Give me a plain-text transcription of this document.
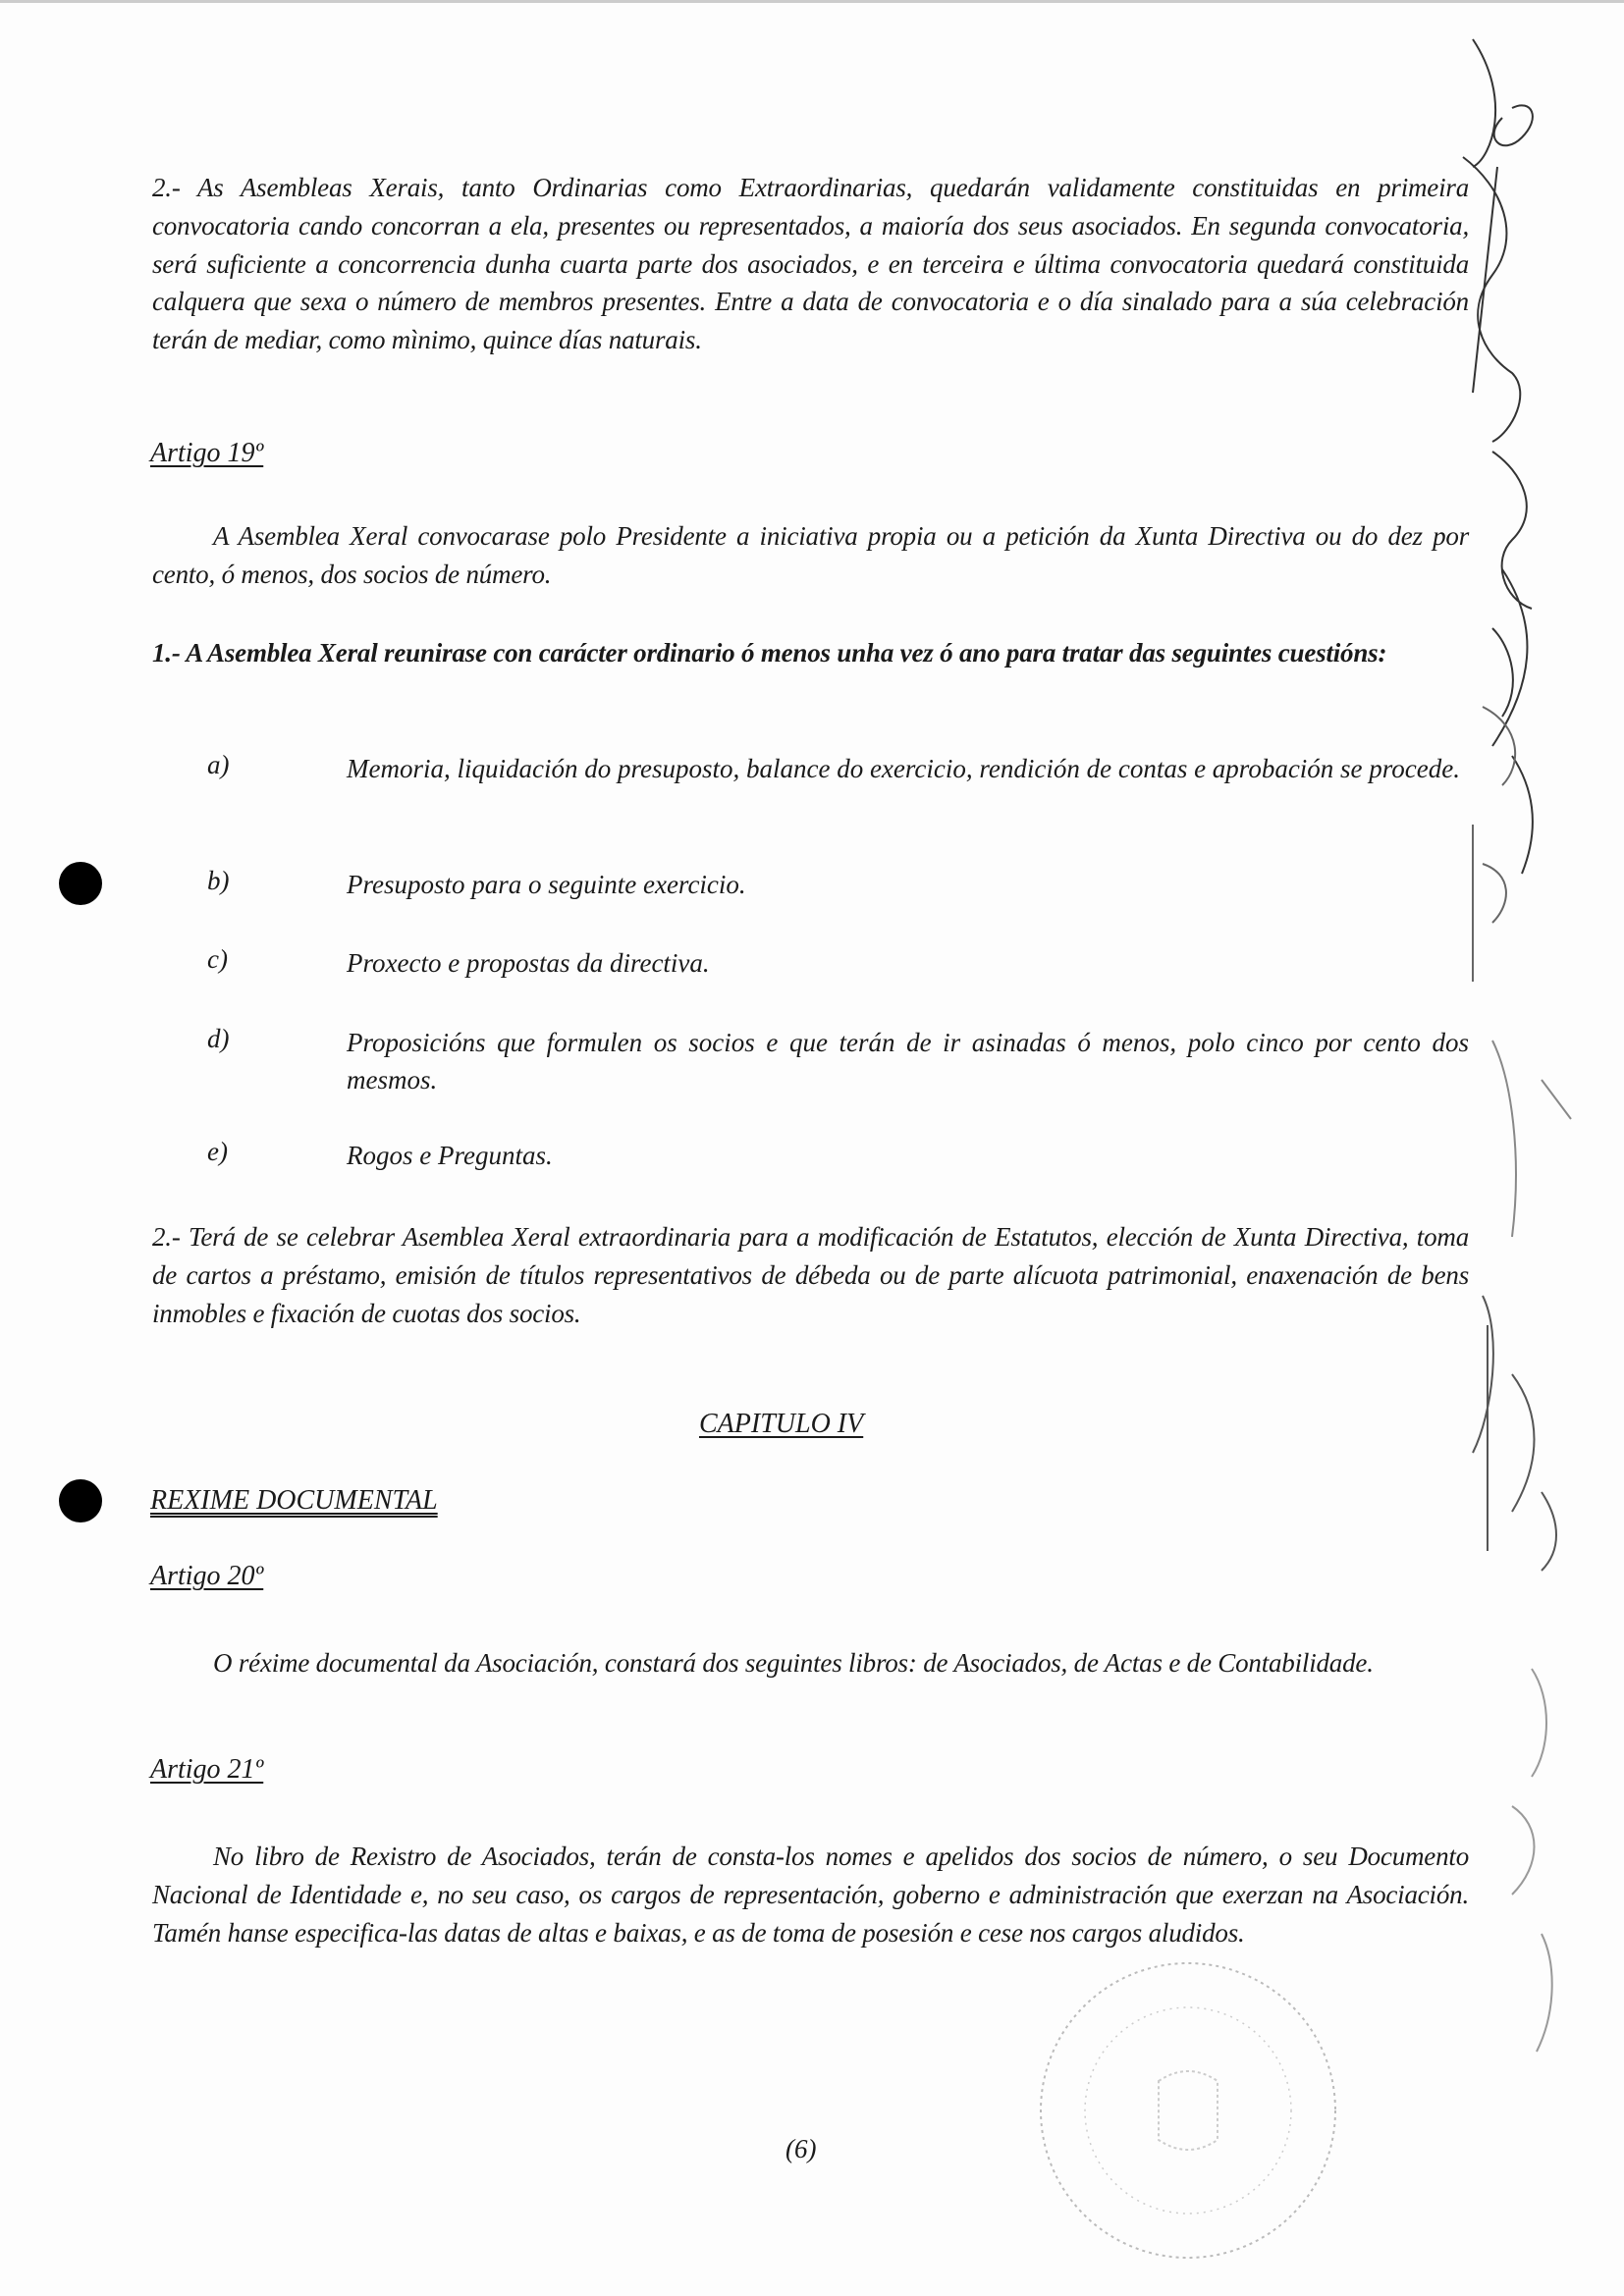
2.- As Asembleas Xerais, tanto Ordinarias como Extraordinarias, quedarán validamente constituidas en primeira convocatoria cando concorran a ela, presentes ou representados, a maioría dos seus asociados. En segunda convocatoria, será suficiente a concorrencia dunha cuarta parte dos asociados, e en terceira e última convocatoria quedará constituida calquera que sexa o número de membros presentes. Entre a data de convocatoria e o día sinalado para a súa celebración terán de mediar, como mìnimo, quince días naturais.
Artigo 19º
A Asemblea Xeral convocarase polo Presidente a iniciativa propia ou a petición da Xunta Directiva ou do dez por cento, ó menos, dos socios de número.
1.- A Asemblea Xeral reunirase con carácter ordinario ó menos unha vez ó ano para tratar das seguintes cuestións:
a)	Memoria, liquidación do presuposto, balance do exercicio, rendición de contas e aprobación se procede.
b)	Presuposto para o seguinte exercicio.
c)	Proxecto e propostas da directiva.
d)	Proposicións que formulen os socios e que terán de ir asinadas ó menos, polo cinco por cento dos mesmos.
e)	Rogos e Preguntas.
2.- Terá de se celebrar Asemblea Xeral extraordinaria para a modificación de Estatutos, elección de Xunta Directiva, toma de cartos a préstamo, emisión de títulos representativos de débeda ou de parte alícuota patrimonial, enaxenación de bens inmobles e fixación de cuotas dos socios.
CAPITULO IV
REXIME DOCUMENTAL
Artigo 20º
O réxime documental da Asociación, constará dos seguintes libros: de Asociados, de Actas e de Contabilidade.
Artigo 21º
No libro de Rexistro de Asociados, terán de consta-los nomes e apelidos dos socios de número, o seu Documento Nacional de Identidade e, no seu caso, os cargos de representación, goberno e administración que exerzan na Asociación. Tamén hanse especifica-las datas de altas e baixas, e as de toma de posesión e cese nos cargos aludidos.
(6)
